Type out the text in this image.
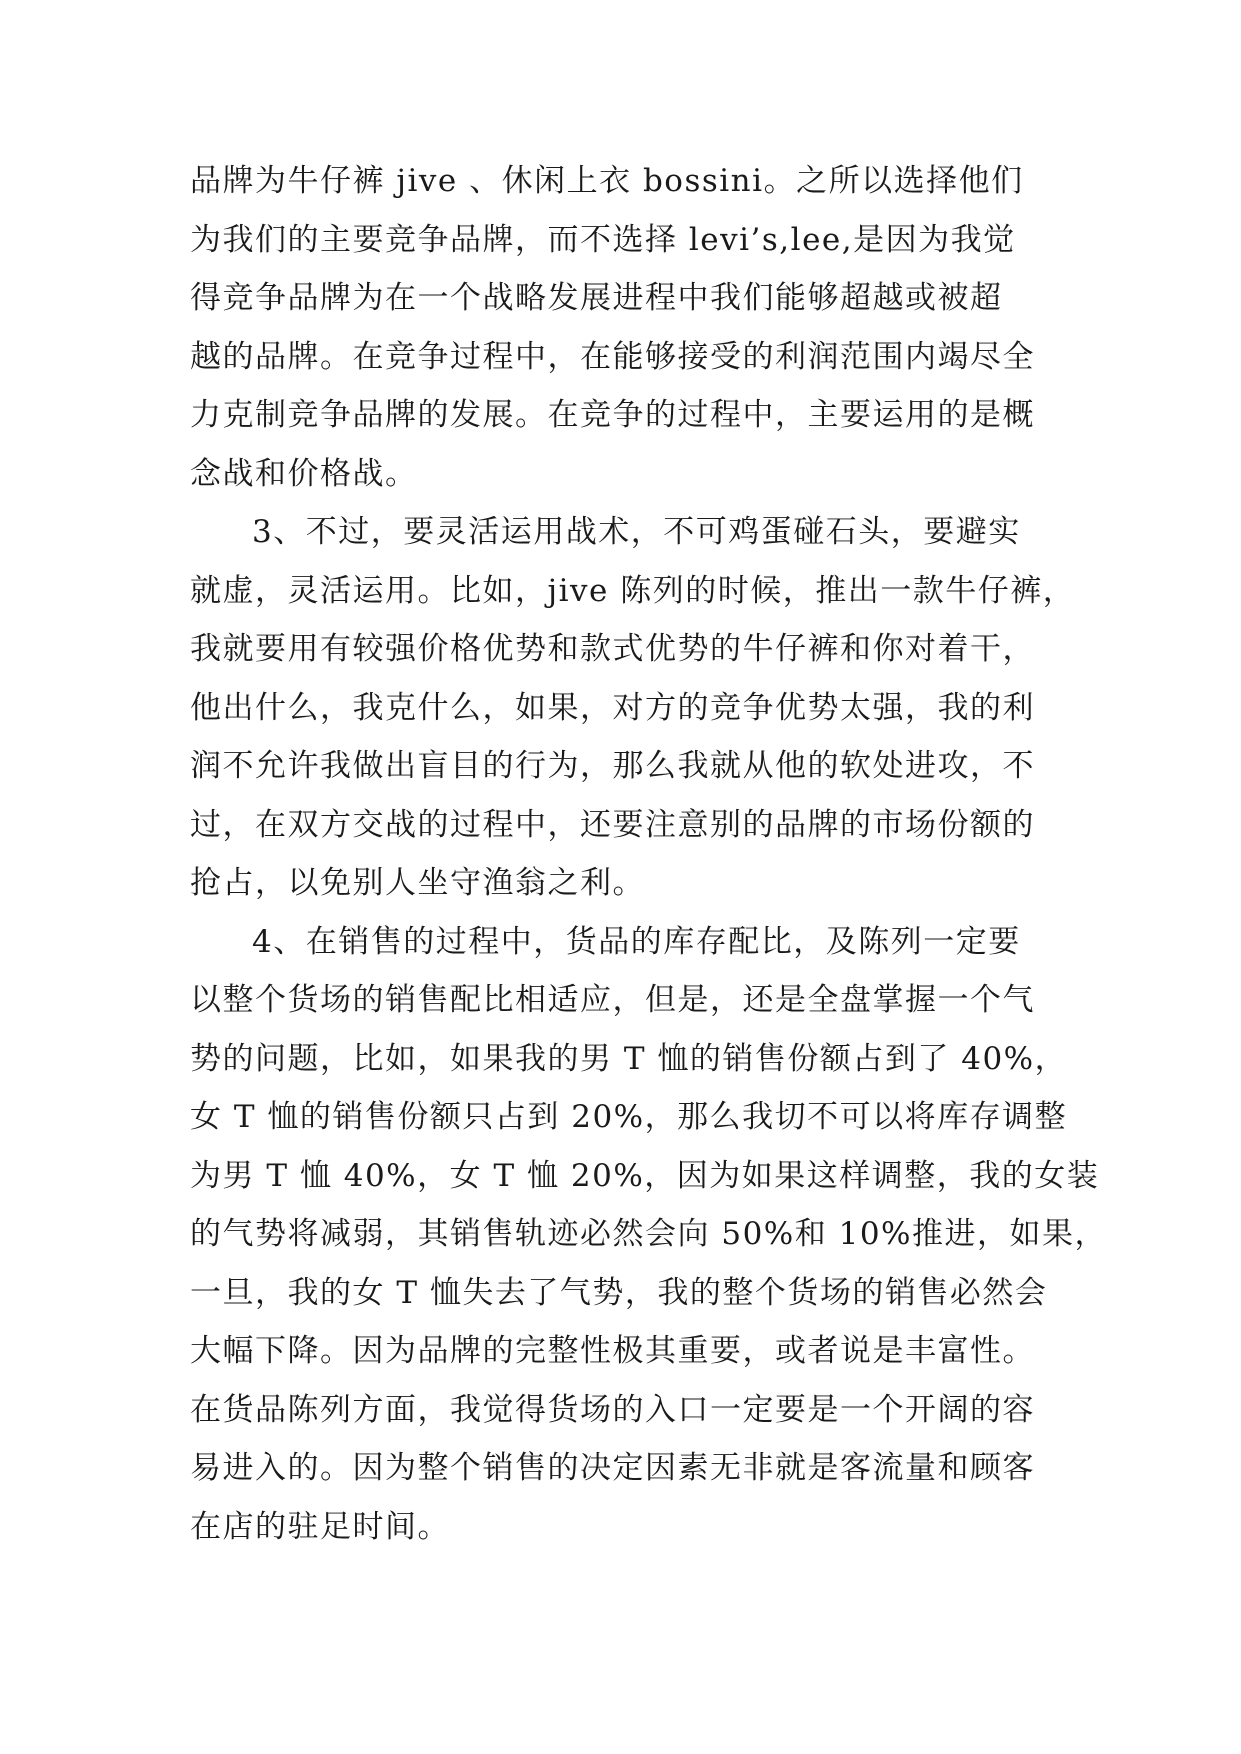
品牌为牛仔裤 jive 、休闲上衣 bossini。之所以选择他们
为我们的主要竞争品牌，而不选择 levi’s,lee,是因为我觉
得竞争品牌为在一个战略发展进程中我们能够超越或被超
越的品牌。在竞争过程中，在能够接受的利润范围内竭尽全
力克制竞争品牌的发展。在竞争的过程中，主要运用的是概
念战和价格战。
3、不过，要灵活运用战术，不可鸡蛋碰石头，要避实
就虚，灵活运用。比如，jive 陈列的时候，推出一款牛仔裤，
我就要用有较强价格优势和款式优势的牛仔裤和你对着干，
他出什么，我克什么，如果，对方的竞争优势太强，我的利
润不允许我做出盲目的行为，那么我就从他的软处进攻，不
过，在双方交战的过程中，还要注意别的品牌的市场份额的
抢占，以免别人坐守渔翁之利。
4、在销售的过程中，货品的库存配比，及陈列一定要
以整个货场的销售配比相适应，但是，还是全盘掌握一个气
势的问题，比如，如果我的男 T 恤的销售份额占到了 40%，
女 T 恤的销售份额只占到 20%，那么我切不可以将库存调整
为男 T 恤 40%，女 T 恤 20%，因为如果这样调整，我的女装
的气势将减弱，其销售轨迹必然会向 50%和 10%推进，如果，
一旦，我的女 T 恤失去了气势，我的整个货场的销售必然会
大幅下降。因为品牌的完整性极其重要，或者说是丰富性。
在货品陈列方面，我觉得货场的入口一定要是一个开阔的容
易进入的。因为整个销售的决定因素无非就是客流量和顾客
在店的驻足时间。
